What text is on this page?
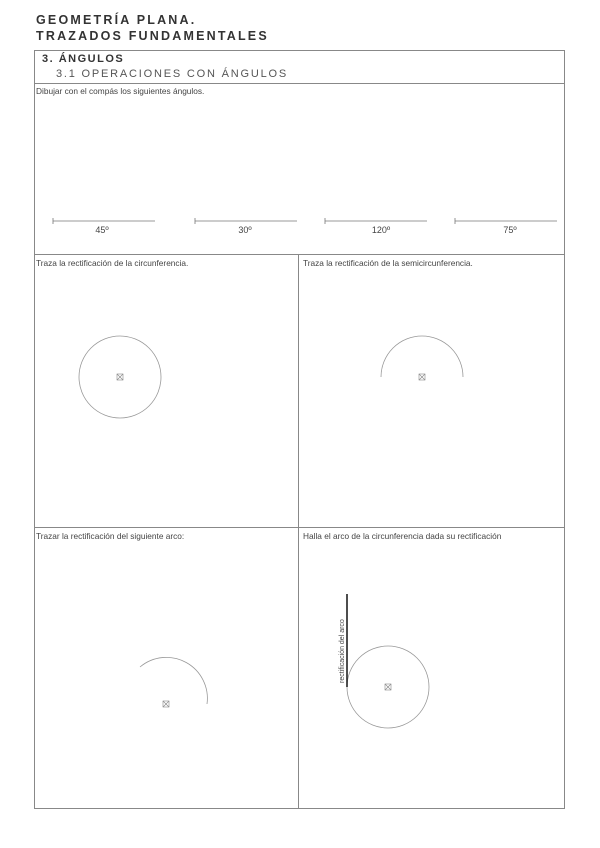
GEOMETRÍA PLANA.
TRAZADOS FUNDAMENTALES
3. ÁNGULOS
3.1 OPERACIONES CON ÁNGULOS
Dibujar con el compás los siguientes ángulos.
45º	30º	120º	75º
Traza la rectificación de la circunferencia.	Traza la rectificación de la semicircunferencia.
Trazar la rectificación del siguiente arco:	Halla el arco de la circunferencia dada su rectificación
rectificación del arco
